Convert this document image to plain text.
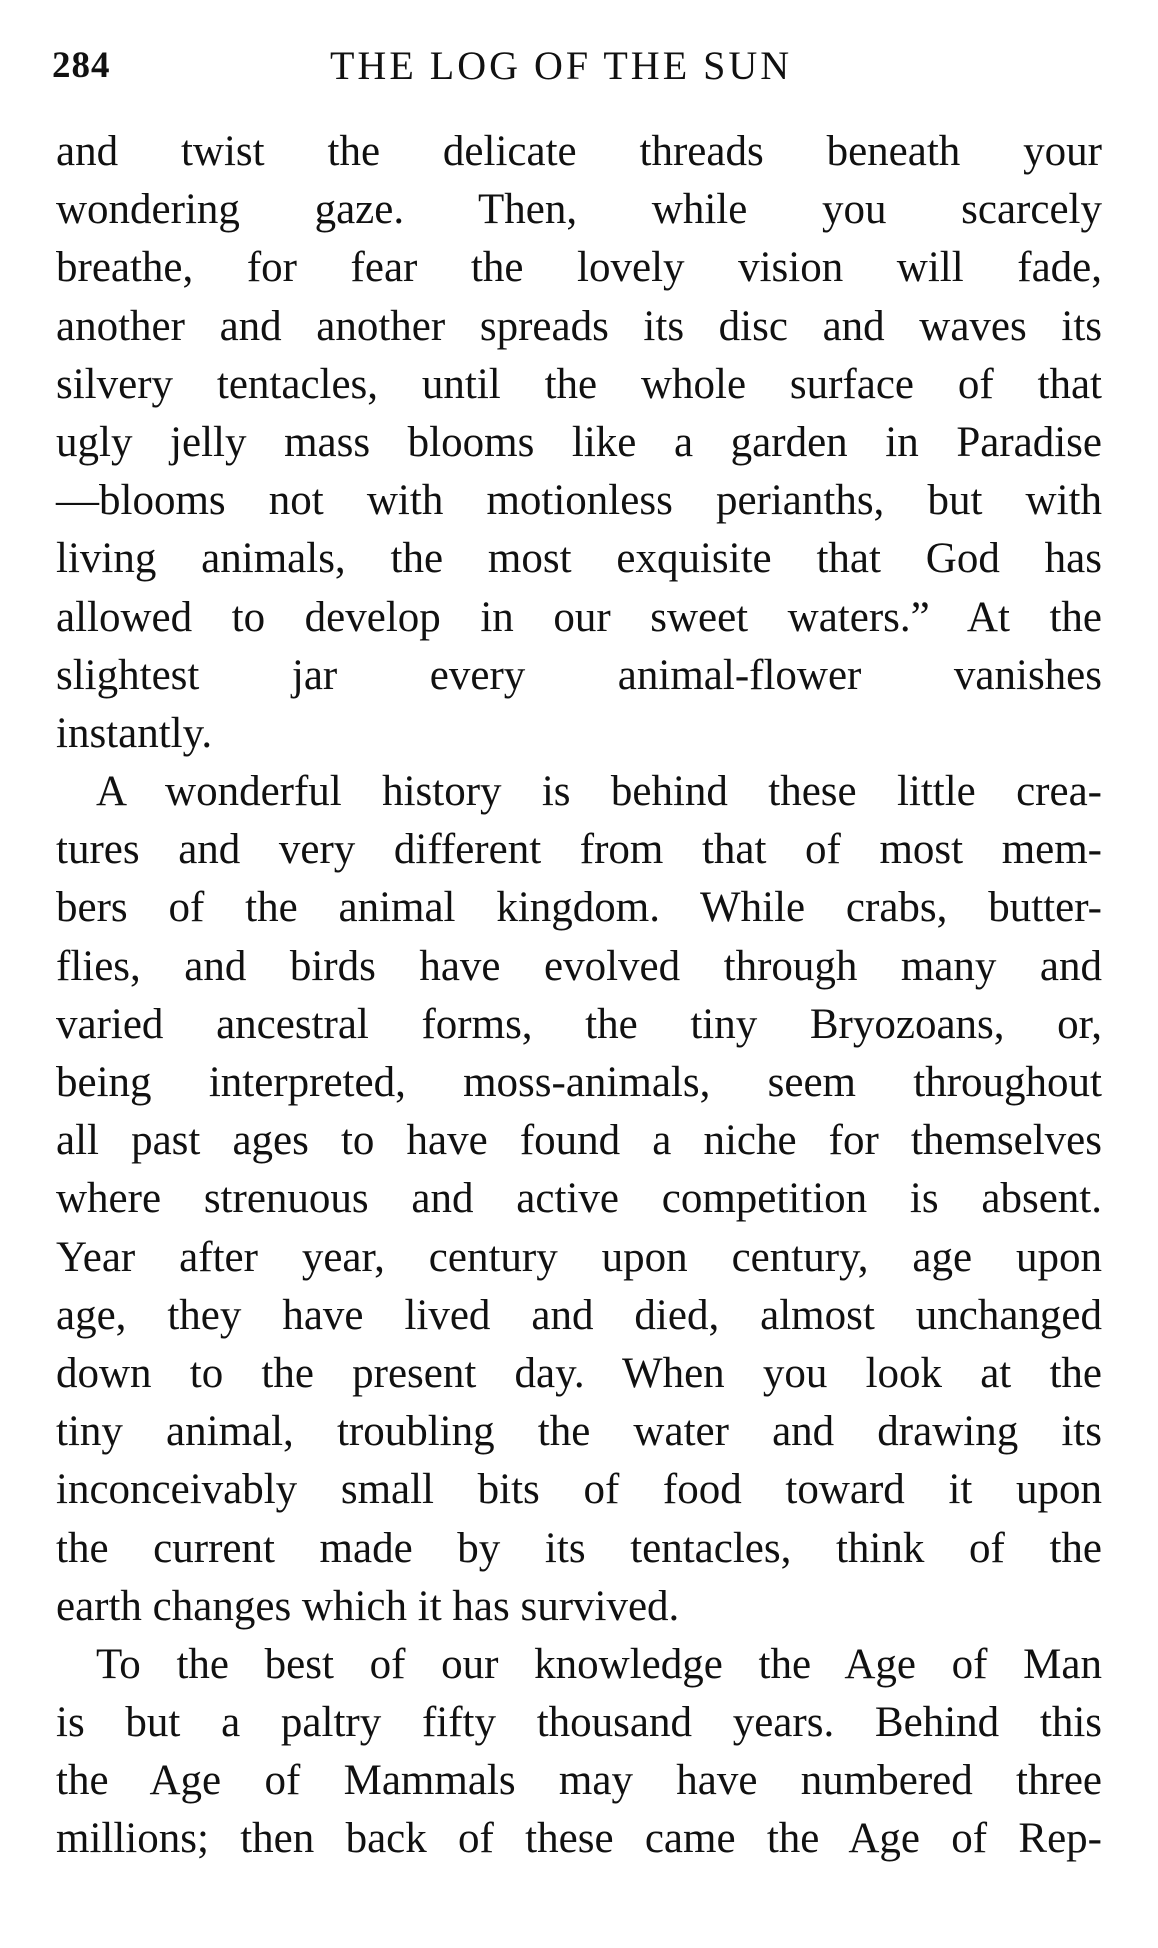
284	THE LOG OF THE SUN
and twist the delicate threads beneath your
wondering gaze. Then, while you scarcely
breathe, for fear the lovely vision will fade,
another and another spreads its disc and waves its
silvery tentacles, until the whole surface of that
ugly jelly mass blooms like a garden in Paradise
—blooms not with motionless perianths, but with
living animals, the most exquisite that God has
allowed to develop in our sweet waters.” At the
slightest jar every animal-flower vanishes
instantly.
A wonderful history is behind these little crea-
tures and very different from that of most mem-
bers of the animal kingdom. While crabs, butter-
flies, and birds have evolved through many and
varied ancestral forms, the tiny Bryozoans, or,
being interpreted, moss-animals, seem throughout
all past ages to have found a niche for themselves
where strenuous and active competition is absent.
Year after year, century upon century, age upon
age, they have lived and died, almost unchanged
down to the present day. When you look at the
tiny animal, troubling the water and drawing its
inconceivably small bits of food toward it upon
the current made by its tentacles, think of the
earth changes which it has survived.
To the best of our knowledge the Age of Man
is but a paltry fifty thousand years. Behind this
the Age of Mammals may have numbered three
millions; then back of these came the Age of Rep-
